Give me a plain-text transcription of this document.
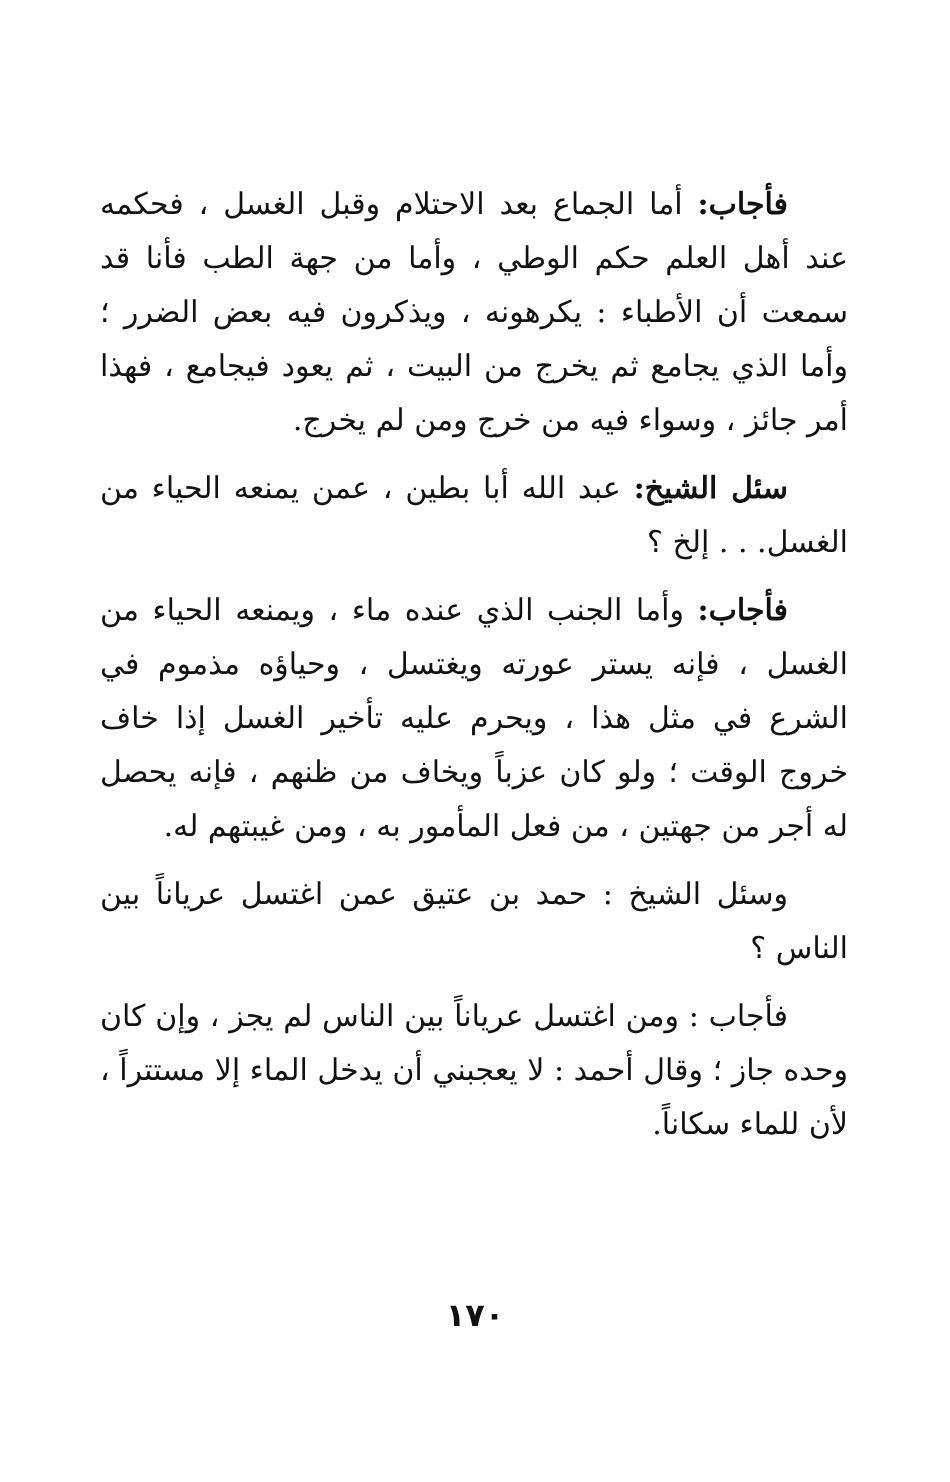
فأجاب: أما الجماع بعد الاحتلام وقبل الغسل ، فحكمه عند أهل العلم حكم الوطي ، وأما من جهة الطب فأنا قد سمعت أن الأطباء : يكرهونه ، ويذكرون فيه بعض الضرر ؛ وأما الذي يجامع ثم يخرج من البيت ، ثم يعود فيجامع ، فهذا أمر جائز ، وسواء فيه من خرج ومن لم يخرج.

سئل الشيخ: عبد الله أبا بطين ، عمن يمنعه الحياء من الغسل. . . إلخ ؟

فأجاب: وأما الجنب الذي عنده ماء ، ويمنعه الحياء من الغسل ، فإنه يستر عورته ويغتسل ، وحياؤه مذموم في الشرع في مثل هذا ، ويحرم عليه تأخير الغسل إذا خاف خروج الوقت ؛ ولو كان عزباً ويخاف من ظنهم ، فإنه يحصل له أجر من جهتين ، من فعل المأمور به ، ومن غيبتهم له.

وسئل الشيخ : حمد بن عتيق عمن اغتسل عرياناً بين الناس ؟

فأجاب : ومن اغتسل عرياناً بين الناس لم يجز ، وإن كان وحده جاز ؛ وقال أحمد : لا يعجبني أن يدخل الماء إلا مستتراً ، لأن للماء سكاناً.

١٧٠
